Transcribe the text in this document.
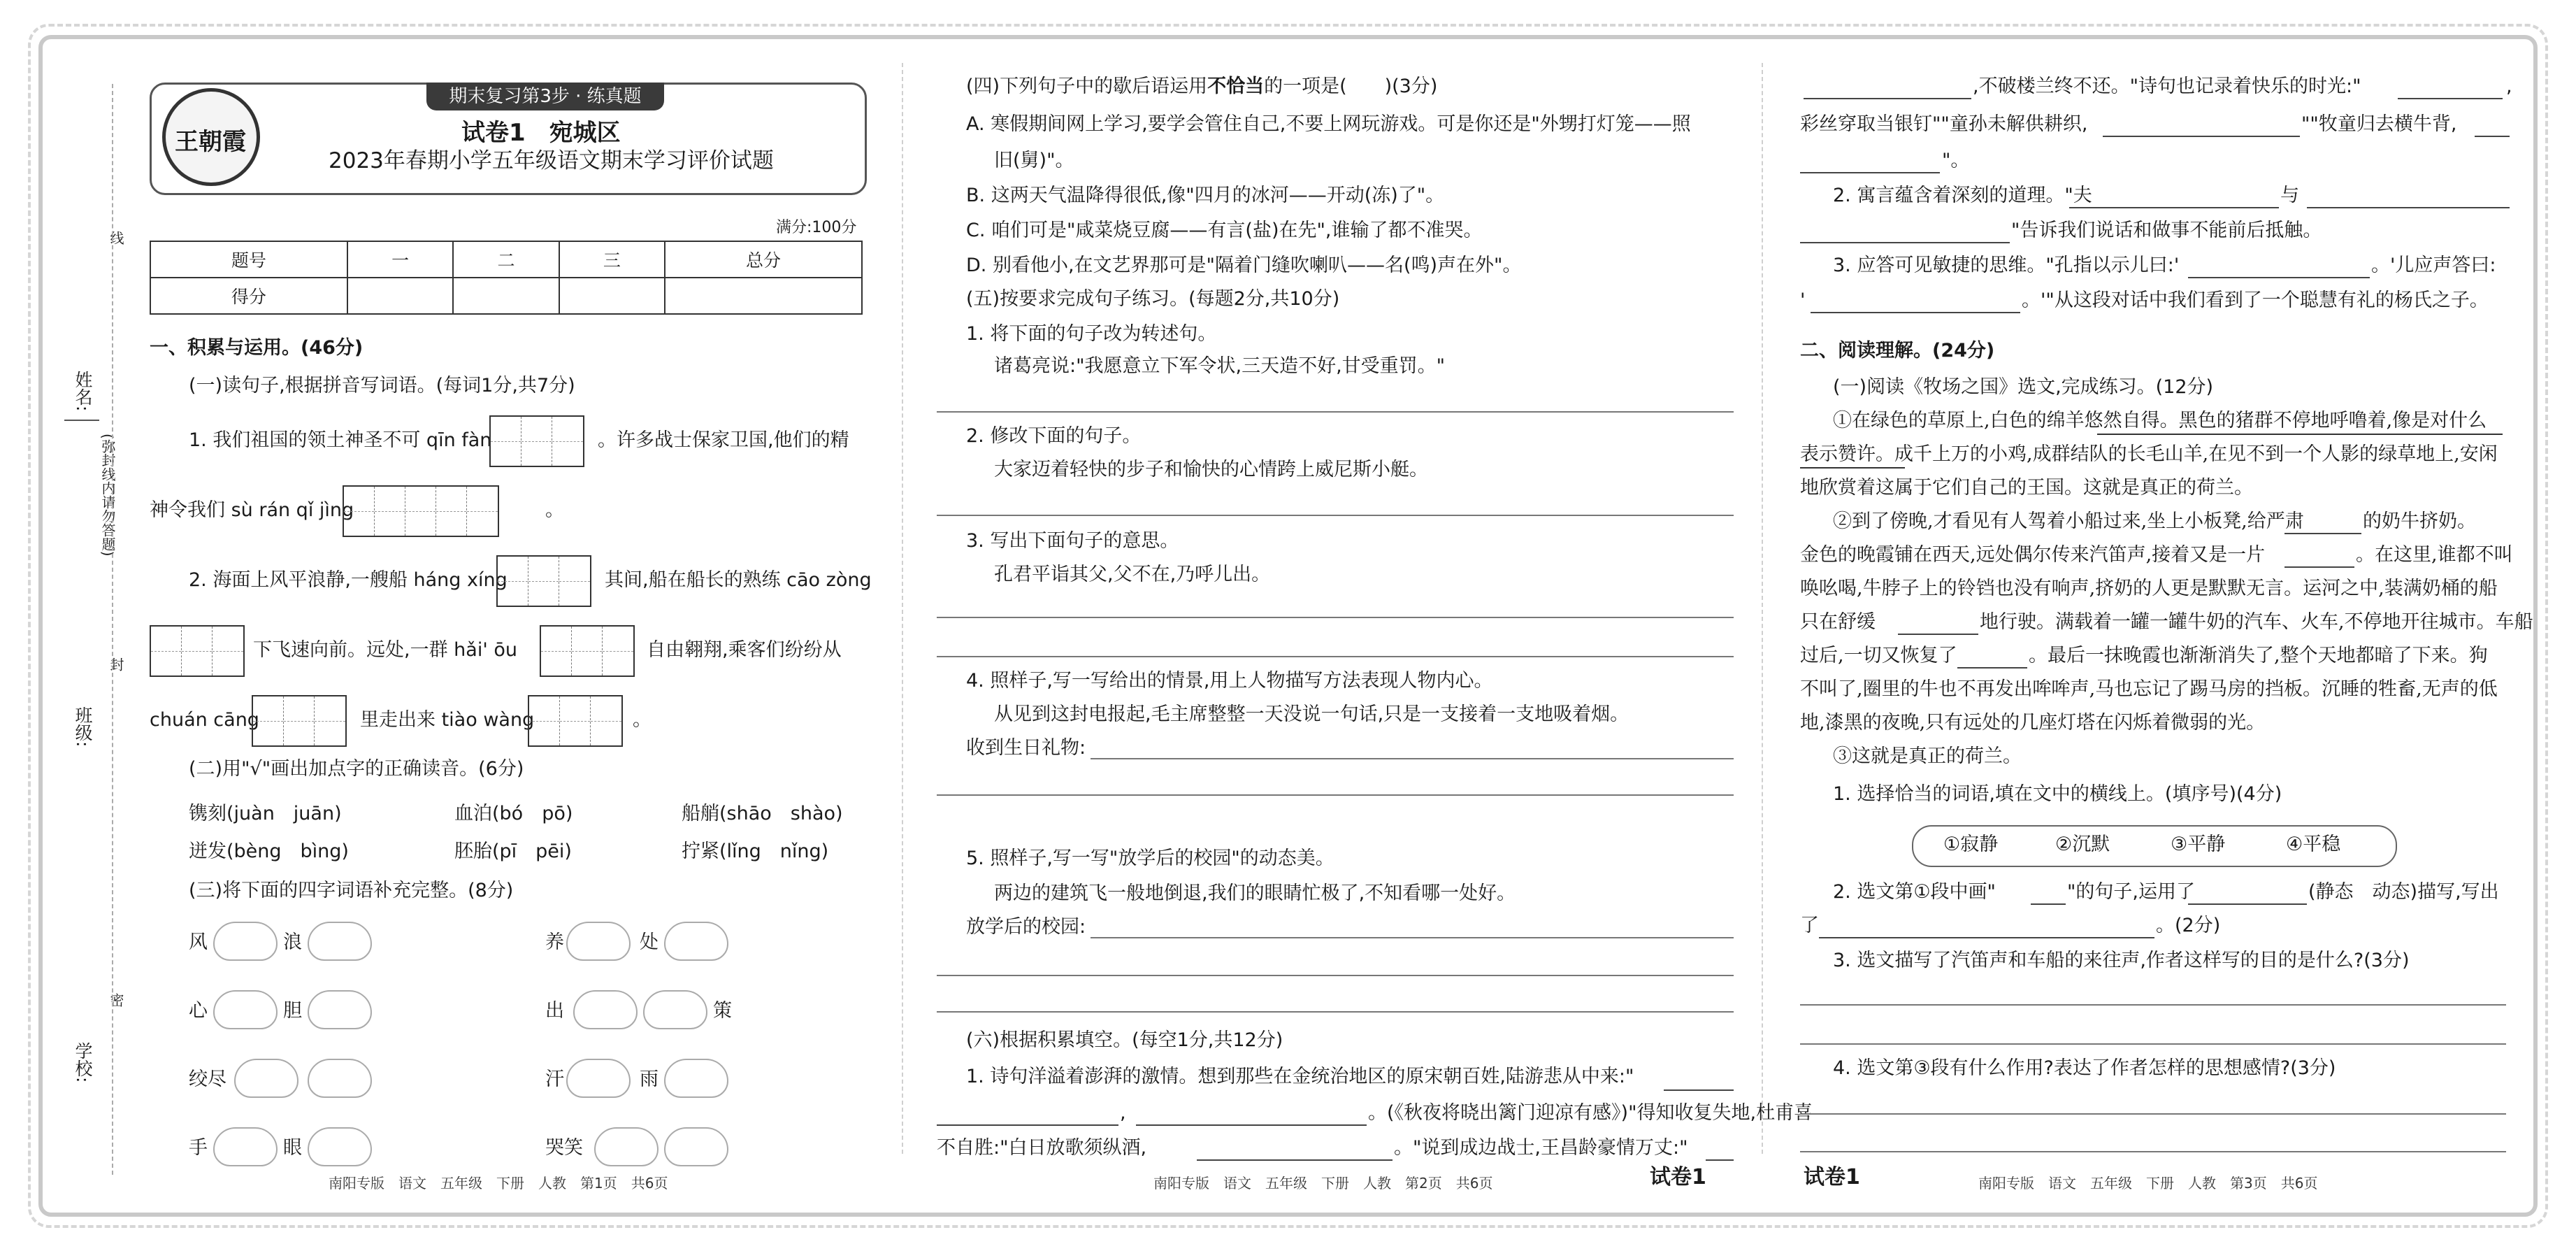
姓名:
班级:
学校:
(弥封线内请勿答题)
线
封
密
期末复习第3步 · 练真题
王朝霞	试卷1　宛城区
2023年春期小学五年级语文期末学习评价试题
满分:100分
题号	一	二	三	总分
得分				
一、积累与运用。(46分)
(一)读句子,根据拼音写词语。(每词1分,共7分)
1. 我们祖国的领土神圣不可 qīn fàn	。许多战士保家卫国,他们的精
神令我们 sù rán qǐ jìng	。
2. 海面上风平浪静,一艘船 háng xíng	其间,船在船长的熟练 cāo zòng
下飞速向前。远处,一群 hǎi' ōu	自由翱翔,乘客们纷纷从
chuán cāng	里走出来 tiào wàng	。
(二)用"√"画出加点字的正确读音。(6分)
镌刻(juàn　juān)	血泊(bó　pō)	船艄(shāo　shào)
迸发(bèng　bìng)	胚胎(pī　pēi)	拧紧(lǐng　nǐng)
(三)将下面的四字词语补充完整。(8分)
风	浪	养	处
心	胆	出	策
绞尽	汗	雨
手	眼	哭笑
南阳专版　语文　五年级　下册　人教　第1页　共6页
(四)下列句子中的歇后语运用不恰当的一项是(　　)(3分)
A. 寒假期间网上学习,要学会管住自己,不要上网玩游戏。可是你还是"外甥打灯笼——照
旧(舅)"。
B. 这两天气温降得很低,像"四月的冰河——开动(冻)了"。
C. 咱们可是"咸菜烧豆腐——有言(盐)在先",谁输了都不准哭。
D. 别看他小,在文艺界那可是"隔着门缝吹喇叭——名(鸣)声在外"。
(五)按要求完成句子练习。(每题2分,共10分)
1. 将下面的句子改为转述句。
诸葛亮说:"我愿意立下军令状,三天造不好,甘受重罚。"
2. 修改下面的句子。
大家迈着轻快的步子和愉快的心情跨上威尼斯小艇。
3. 写出下面句子的意思。
孔君平诣其父,父不在,乃呼儿出。
4. 照样子,写一写给出的情景,用上人物描写方法表现人物内心。
从见到这封电报起,毛主席整整一天没说一句话,只是一支接着一支地吸着烟。
收到生日礼物:
5. 照样子,写一写"放学后的校园"的动态美。
两边的建筑飞一般地倒退,我们的眼睛忙极了,不知看哪一处好。
放学后的校园:
(六)根据积累填空。(每空1分,共12分)
1. 诗句洋溢着澎湃的激情。想到那些在金统治地区的原宋朝百姓,陆游悲从中来:"
,	。(《秋夜将晓出篱门迎凉有感》)"得知收复失地,杜甫喜
不自胜:"白日放歌须纵酒,	。"说到成边战士,王昌龄豪情万丈:"
南阳专版　语文　五年级　下册　人教　第2页　共6页	试卷1
,不破楼兰终不还。"诗句也记录着快乐的时光:"	,
彩丝穿取当银钉""童孙未解供耕织,	""牧童归去横牛背,
"。
2. 寓言蕴含着深刻的道理。"夫	与
"告诉我们说话和做事不能前后抵触。
3. 应答可见敏捷的思维。"孔指以示儿曰:'	。'儿应声答曰:
'	。'"从这段对话中我们看到了一个聪慧有礼的杨氏之子。
二、阅读理解。(24分)
(一)阅读《牧场之国》选文,完成练习。(12分)
①在绿色的草原上,白色的绵羊悠然自得。黑色的猪群不停地呼噜着,像是对什么
表示赞许。成千上万的小鸡,成群结队的长毛山羊,在见不到一个人影的绿草地上,安闲
地欣赏着这属于它们自己的王国。这就是真正的荷兰。
②到了傍晚,才看见有人驾着小船过来,坐上小板凳,给严肃	的奶牛挤奶。
金色的晚霞铺在西天,远处偶尔传来汽笛声,接着又是一片	。在这里,谁都不叫
唤吆喝,牛脖子上的铃铛也没有响声,挤奶的人更是默默无言。运河之中,装满奶桶的船
只在舒缓	地行驶。满载着一罐一罐牛奶的汽车、火车,不停地开往城市。车船
过后,一切又恢复了	。最后一抹晚霞也渐渐消失了,整个天地都暗了下来。狗
不叫了,圈里的牛也不再发出哞哞声,马也忘记了踢马房的挡板。沉睡的牲畜,无声的低
地,漆黑的夜晚,只有远处的几座灯塔在闪烁着微弱的光。
③这就是真正的荷兰。
1. 选择恰当的词语,填在文中的横线上。(填序号)(4分)
①寂静	②沉默	③平静	④平稳
2. 选文第①段中画"	"的句子,运用了	(静态　动态)描写,写出
了	。(2分)
3. 选文描写了汽笛声和车船的来往声,作者这样写的目的是什么?(3分)
4. 选文第③段有什么作用?表达了作者怎样的思想感情?(3分)
试卷1	南阳专版　语文　五年级　下册　人教　第3页　共6页
